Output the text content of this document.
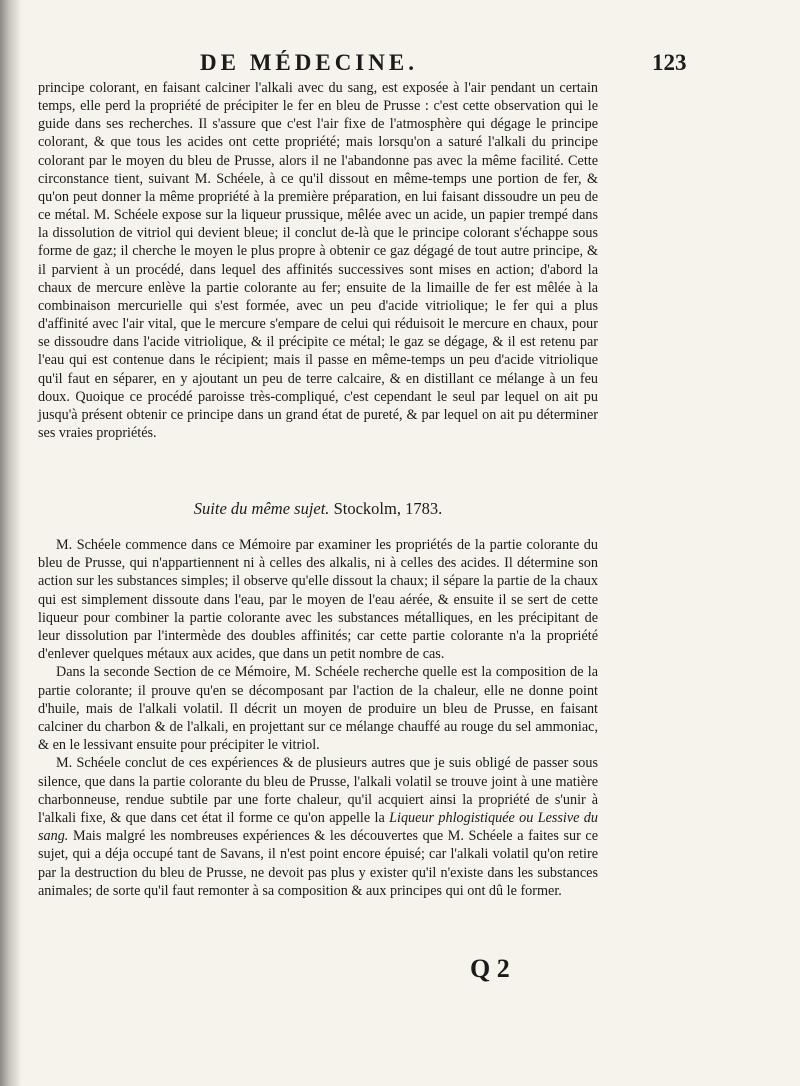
DE MÉDECINE.	123

principe colorant, en faisant calciner l'alkali avec du sang, est exposée à l'air pendant un certain temps, elle perd la propriété de précipiter le fer en bleu de Prusse : c'est cette observation qui le guide dans ses recherches. Il s'assure que c'est l'air fixe de l'atmosphère qui dégage le principe colorant, & que tous les acides ont cette propriété; mais lorsqu'on a saturé l'alkali du principe colorant par le moyen du bleu de Prusse, alors il ne l'abandonne pas avec la même facilité. Cette circonstance tient, suivant M. Schéele, à ce qu'il dissout en même-temps une portion de fer, & qu'on peut donner la même propriété à la première préparation, en lui faisant dissoudre un peu de ce métal. M. Schéele expose sur la liqueur prussique, mêlée avec un acide, un papier trempé dans la dissolution de vitriol qui devient bleue; il conclut de-là que le principe colorant s'échappe sous forme de gaz; il cherche le moyen le plus propre à obtenir ce gaz dégagé de tout autre principe, & il parvient à un procédé, dans lequel des affinités successives sont mises en action; d'abord la chaux de mercure enlève la partie colorante au fer; ensuite de la limaille de fer est mêlée à la combinaison mercurielle qui s'est formée, avec un peu d'acide vitriolique; le fer qui a plus d'affinité avec l'air vital, que le mercure s'empare de celui qui réduisoit le mercure en chaux, pour se dissoudre dans l'acide vitriolique, & il précipite ce métal; le gaz se dégage, & il est retenu par l'eau qui est contenue dans le récipient; mais il passe en même-temps un peu d'acide vitriolique qu'il faut en séparer, en y ajoutant un peu de terre calcaire, & en distillant ce mélange à un feu doux. Quoique ce procédé paroisse très-compliqué, c'est cependant le seul par lequel on ait pu jusqu'à présent obtenir ce principe dans un grand état de pureté, & par lequel on ait pu déterminer ses vraies propriétés.

Suite du même sujet. Stockolm, 1783.

M. Schéele commence dans ce Mémoire par examiner les propriétés de la partie colorante du bleu de Prusse, qui n'appartiennent ni à celles des alkalis, ni à celles des acides. Il détermine son action sur les substances simples; il observe qu'elle dissout la chaux; il sépare la partie de la chaux qui est simplement dissoute dans l'eau, par le moyen de l'eau aérée, & ensuite il se sert de cette liqueur pour combiner la partie colorante avec les substances métalliques, en les précipitant de leur dissolution par l'intermède des doubles affinités; car cette partie colorante n'a la propriété d'enlever quelques métaux aux acides, que dans un petit nombre de cas.

Dans la seconde Section de ce Mémoire, M. Schéele recherche quelle est la composition de la partie colorante; il prouve qu'en se décomposant par l'action de la chaleur, elle ne donne point d'huile, mais de l'alkali volatil. Il décrit un moyen de produire un bleu de Prusse, en faisant calciner du charbon & de l'alkali, en projettant sur ce mélange chauffé au rouge du sel ammoniac, & en le lessivant ensuite pour précipiter le vitriol.

M. Schéele conclut de ces expériences & de plusieurs autres que je suis obligé de passer sous silence, que dans la partie colorante du bleu de Prusse, l'alkali volatil se trouve joint à une matière charbonneuse, rendue subtile par une forte chaleur, qu'il acquiert ainsi la propriété de s'unir à l'alkali fixe, & que dans cet état il forme ce qu'on appelle la Liqueur phlogistiquée ou Lessive du sang. Mais malgré les nombreuses expériences & les découvertes que M. Schéele a faites sur ce sujet, qui a déja occupé tant de Savans, il n'est point encore épuisé; car l'alkali volatil qu'on retire par la destruction du bleu de Prusse, ne devoit pas plus y exister qu'il n'existe dans les substances animales; de sorte qu'il faut remonter à sa composition & aux principes qui ont dû le former.

Q 2
